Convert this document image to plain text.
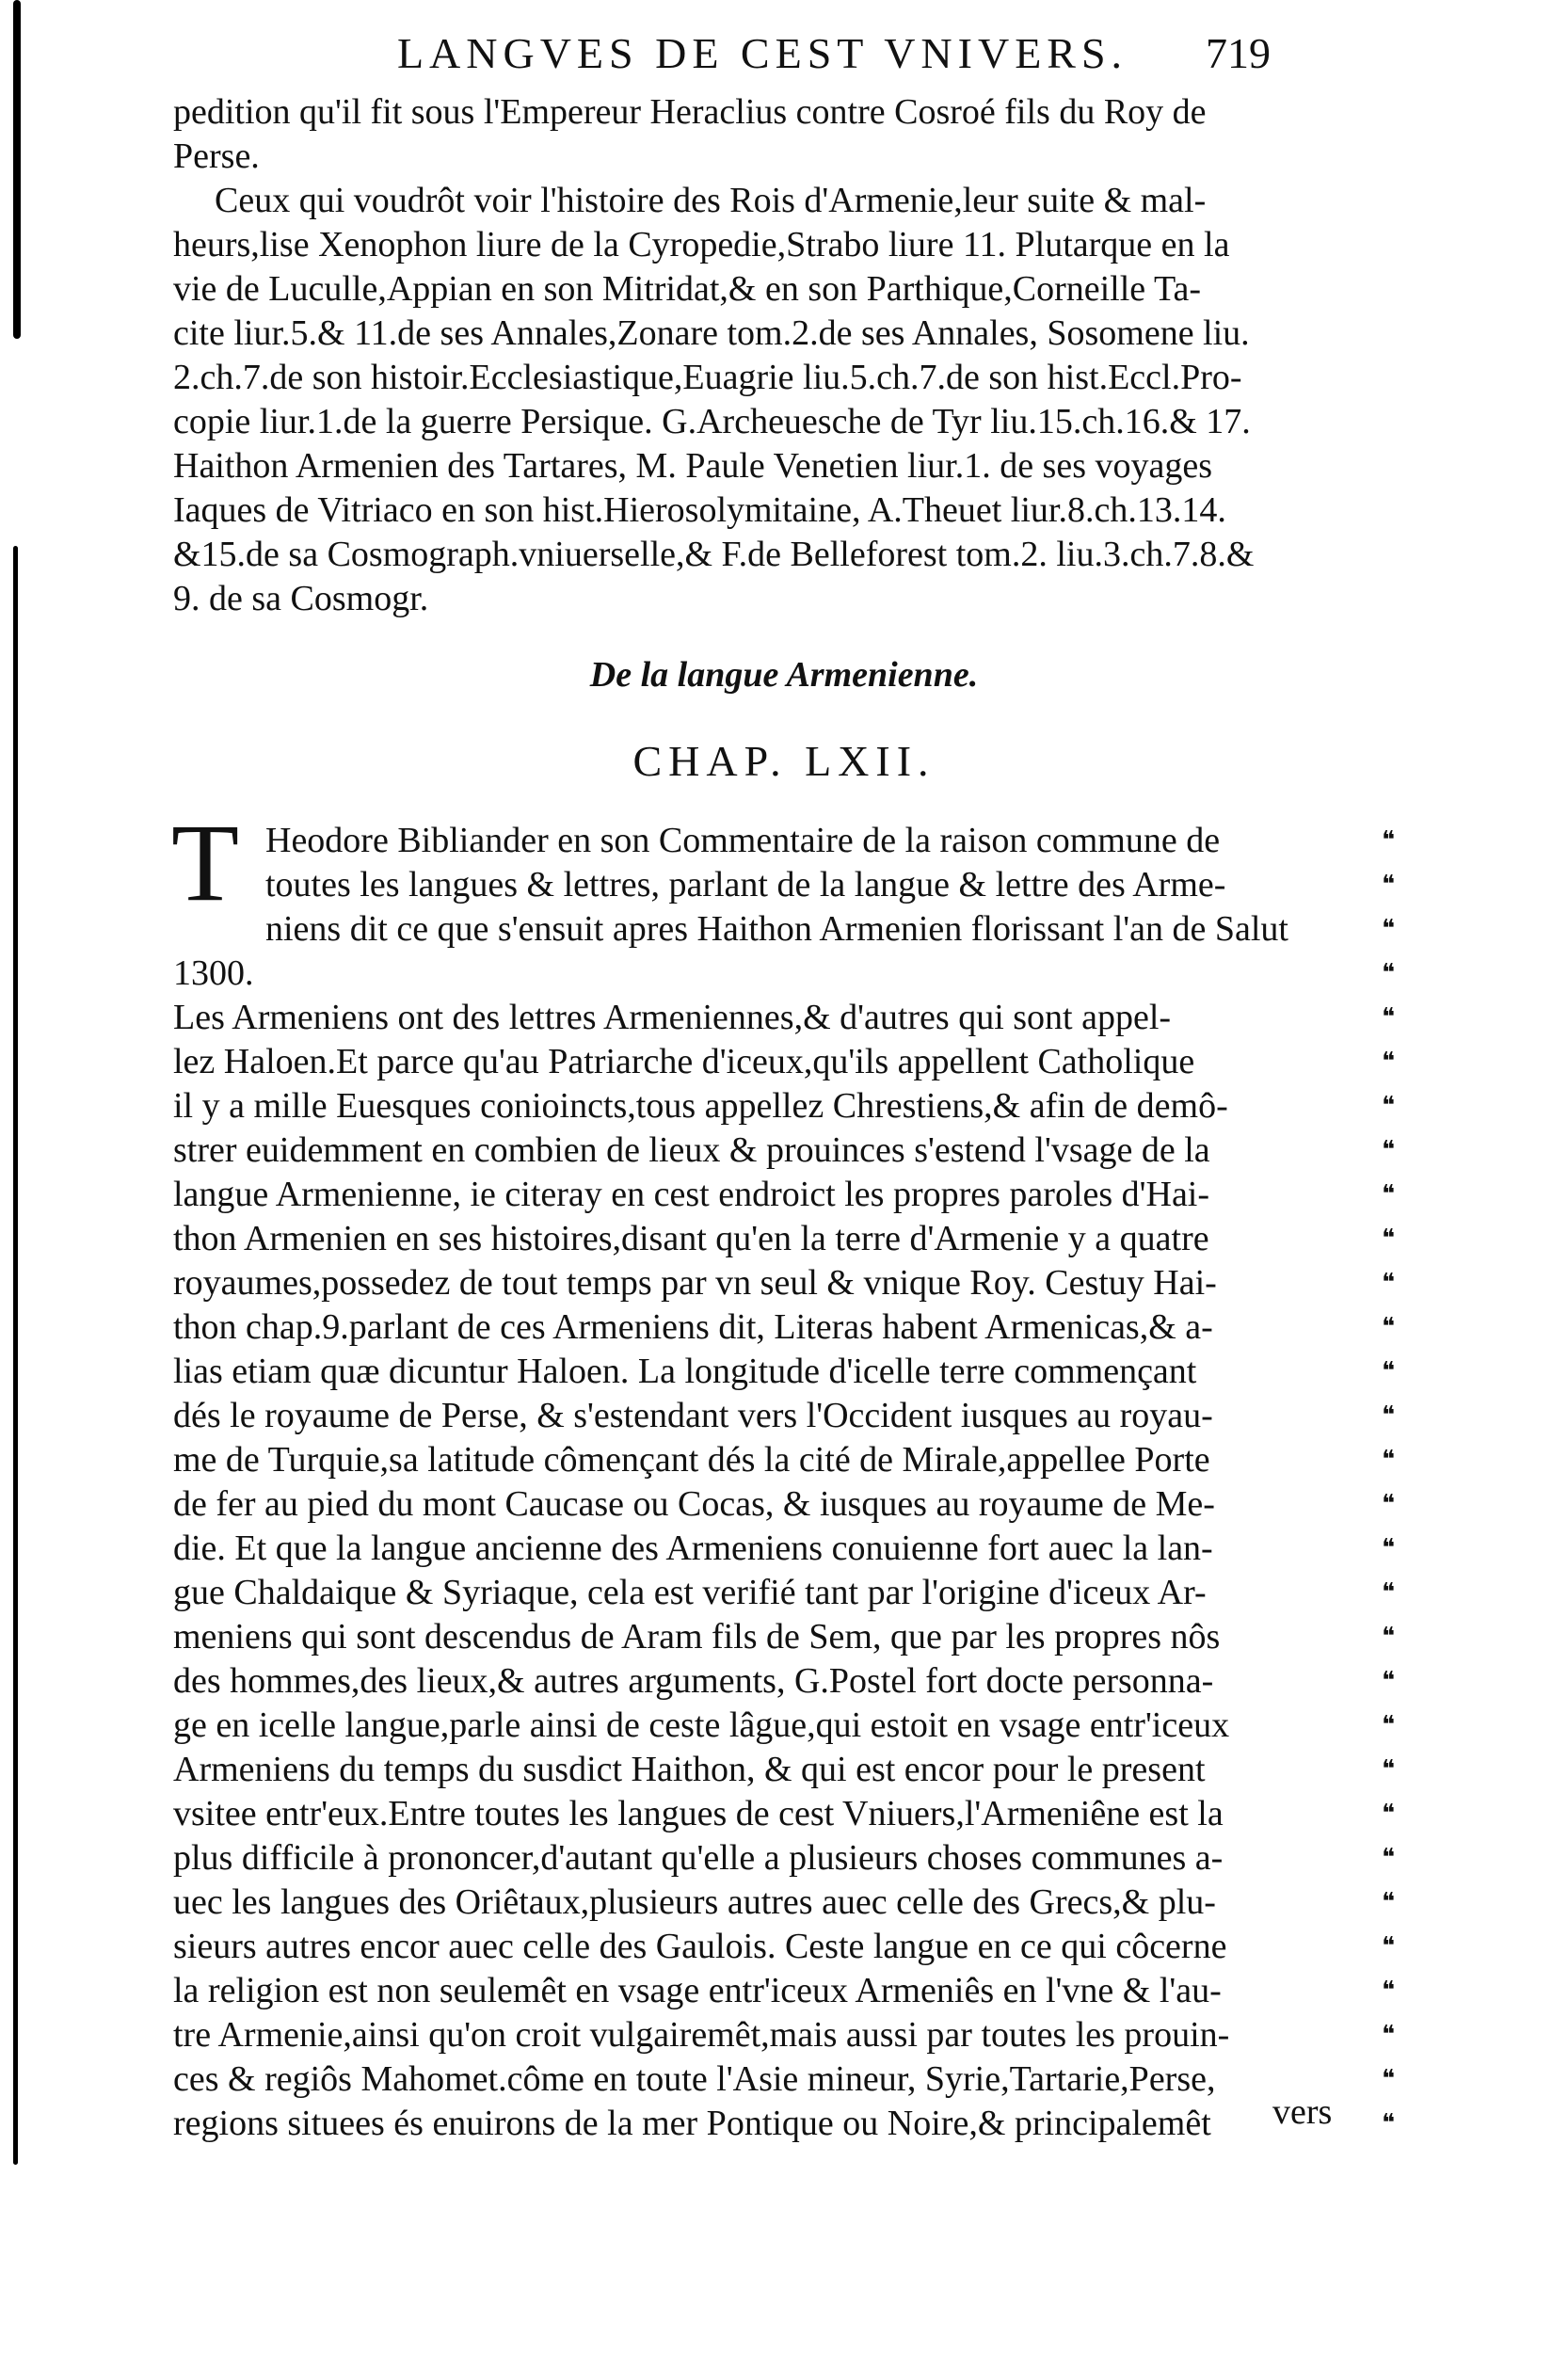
LANGVES DE CEST VNIVERS.	719
pedition qu'il fit sous l'Empereur Heraclius contre Cosroé fils du Roy de
Perse.
Ceux qui voudrôt voir l'histoire des Rois d'Armenie,leur suite & mal-
heurs,lise Xenophon liure de la Cyropedie,Strabo liure 11. Plutarque en la
vie de Luculle,Appian en son Mitridat,& en son Parthique,Corneille Ta-
cite liur.5.& 11.de ses Annales,Zonare tom.2.de ses Annales, Sosomene liu.
2.ch.7.de son histoir.Ecclesiastique,Euagrie liu.5.ch.7.de son hist.Eccl.Pro-
copie liur.1.de la guerre Persique. G.Archeuesche de Tyr liu.15.ch.16.& 17.
Haithon Armenien des Tartares, M. Paule Venetien liur.1. de ses voyages
Iaques de Vitriaco en son hist.Hierosolymitaine, A.Theuet liur.8.ch.13.14.
&15.de sa Cosmograph.vniuerselle,& F.de Belleforest tom.2. liu.3.ch.7.8.&
9. de sa Cosmogr.
De la langue Armenienne.
CHAP. LXII.
T Heodore Bibliander en son Commentaire de la raison commune de
toutes les langues & lettres, parlant de la langue & lettre des Arme-
niens dit ce que s'ensuit apres Haithon Armenien florissant l'an de Salut
1300.
Les Armeniens ont des lettres Armeniennes,& d'autres qui sont appel-
lez Haloen.Et parce qu'au Patriarche d'iceux,qu'ils appellent Catholique
il y a mille Euesques conioincts,tous appellez Chrestiens,& afin de demô-
strer euidemment en combien de lieux & prouinces s'estend l'vsage de la
langue Armenienne, ie citeray en cest endroict les propres paroles d'Hai-
thon Armenien en ses histoires,disant qu'en la terre d'Armenie y a quatre
royaumes,possedez de tout temps par vn seul & vnique Roy. Cestuy Hai-
thon chap.9.parlant de ces Armeniens dit, Literas habent Armenicas,& a-
lias etiam quæ dicuntur Haloen. La longitude d'icelle terre commençant
dés le royaume de Perse, & s'estendant vers l'Occident iusques au royau-
me de Turquie,sa latitude cômençant dés la cité de Mirale,appellee Porte
de fer au pied du mont Caucase ou Cocas, & iusques au royaume de Me-
die. Et que la langue ancienne des Armeniens conuienne fort auec la lan-
gue Chaldaique & Syriaque, cela est verifié tant par l'origine d'iceux Ar-
meniens qui sont descendus de Aram fils de Sem, que par les propres nôs
des hommes,des lieux,& autres arguments, G.Postel fort docte personna-
ge en icelle langue,parle ainsi de ceste lâgue,qui estoit en vsage entr'iceux
Armeniens du temps du susdict Haithon, & qui est encor pour le present
vsitee entr'eux.Entre toutes les langues de cest Vniuers,l'Armeniêne est la
plus difficile à prononcer,d'autant qu'elle a plusieurs choses communes a-
uec les langues des Oriêtaux,plusieurs autres auec celle des Grecs,& plu-
sieurs autres encor auec celle des Gaulois. Ceste langue en ce qui côcerne
la religion est non seulemêt en vsage entr'iceux Armeniês en l'vne & l'au-
tre Armenie,ainsi qu'on croit vulgairemêt,mais aussi par toutes les prouin-
ces & regiôs Mahomet.côme en toute l'Asie mineur, Syrie,Tartarie,Perse,
regions situees és enuirons de la mer Pontique ou Noire,& principalemêt
❝
❝
❝
❝
❝
❝
❝
❝
❝
❝
❝
❝
❝
❝
❝
❝
❝
❝
❝
❝
❝
❝
❝
❝
❝
❝
❝
❝
❝
❝
vers
